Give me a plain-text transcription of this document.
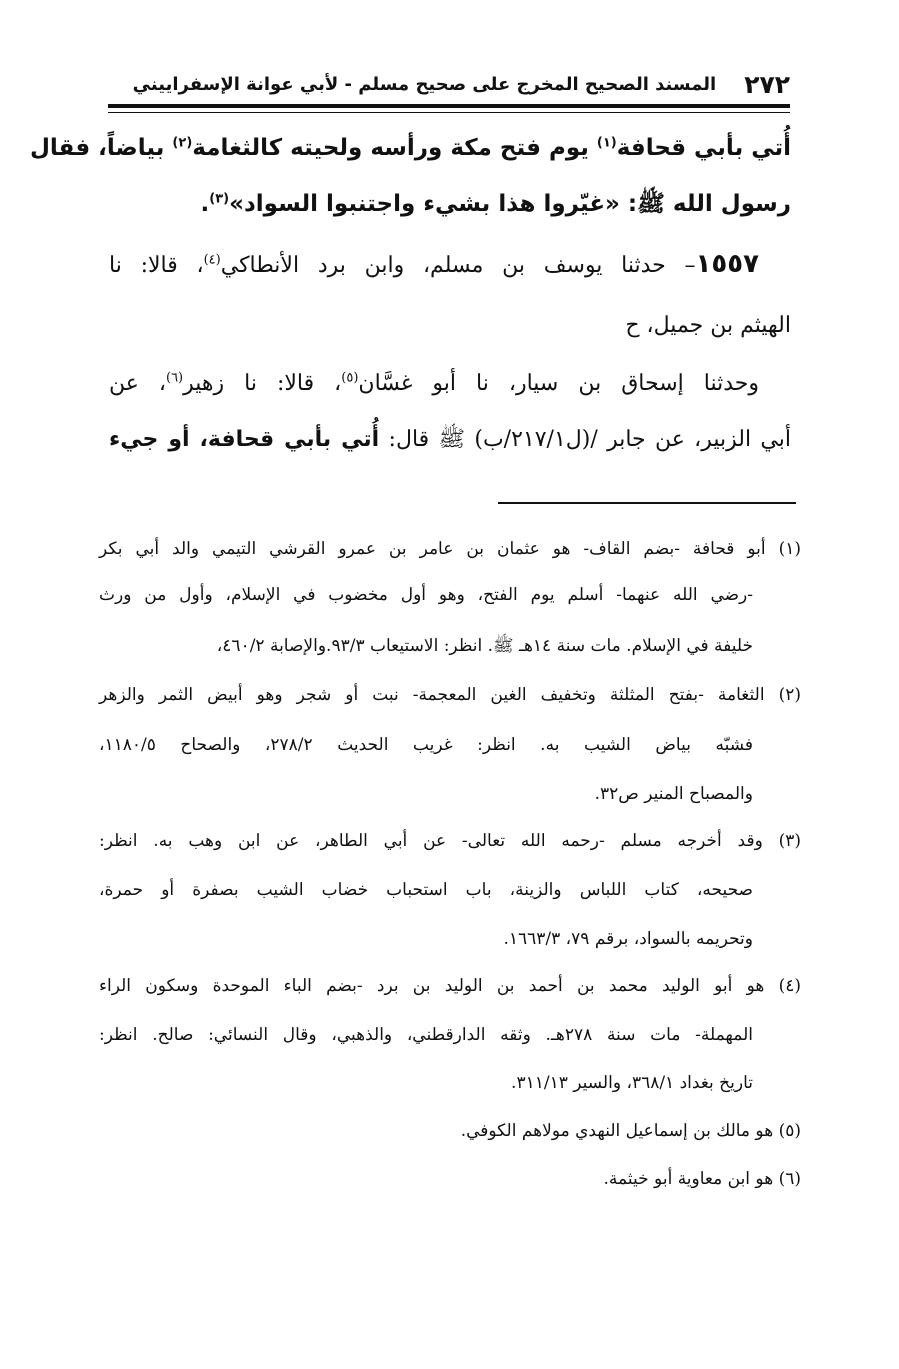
٢٧٢
المسند الصحيح المخرج على صحيح مسلم - لأبي عوانة الإسفراييني

أُتي بأبي قحافة$^{(١)}$ يوم فتح مكة ورأسه ولحيته كالثغامة$^{(٢)}$ بياضاً، فقال

رسول الله ﷺ: «غيّروا هذا بشيء واجتنبوا السواد»$^{(٣)}$.

١٥٥٧– حدثنا يوسف بن مسلم، وابن برد الأنطاكي$^{(٤)}$، قالا: نا

الهيثم بن جميل، ح

وحدثنا إسحاق بن سيار، نا أبو غسَّان$^{(٥)}$، قالا: نا زهير$^{(٦)}$، عن

أبي الزبير، عن جابر /(ل٢١٧/١/ب) ﷺ قال: أُتي بأبي قحافة، أو جيء

(١) أبو قحافة -بضم القاف- هو عثمان بن عامر بن عمرو القرشي التيمي والد أبي بكر

-رضي الله عنهما- أسلم يوم الفتح، وهو أول مخضوب في الإسلام، وأول من ورث

خليفة في الإسلام. مات سنة ١٤هـ ﷺ. انظر: الاستيعاب ٩٣/٣.والإصابة ٤٦٠/٢،

(٢) الثغامة -بفتح المثلثة وتخفيف الغين المعجمة- نبت أو شجر وهو أبيض الثمر والزهر

فشبّه بياض الشيب به. انظر: غريب الحديث ٢٧٨/٢، والصحاح ١١٨٠/٥،

والمصباح المنير ص٣٢.

(٣) وقد أخرجه مسلم -رحمه الله تعالى- عن أبي الطاهر، عن ابن وهب به. انظر:

صحيحه، كتاب اللباس والزينة، باب استحباب خضاب الشيب بصفرة أو حمرة،

وتحريمه بالسواد، برقم ٧٩، ١٦٦٣/٣.

(٤) هو أبو الوليد محمد بن أحمد بن الوليد بن برد -بضم الباء الموحدة وسكون الراء

المهملة- مات سنة ٢٧٨هـ. وثقه الدارقطني، والذهبي، وقال النسائي: صالح. انظر:

تاريخ بغداد ٣٦٨/١، والسير ٣١١/١٣.

(٥) هو مالك بن إسماعيل النهدي مولاهم الكوفي.

(٦) هو ابن معاوية أبو خيثمة.
